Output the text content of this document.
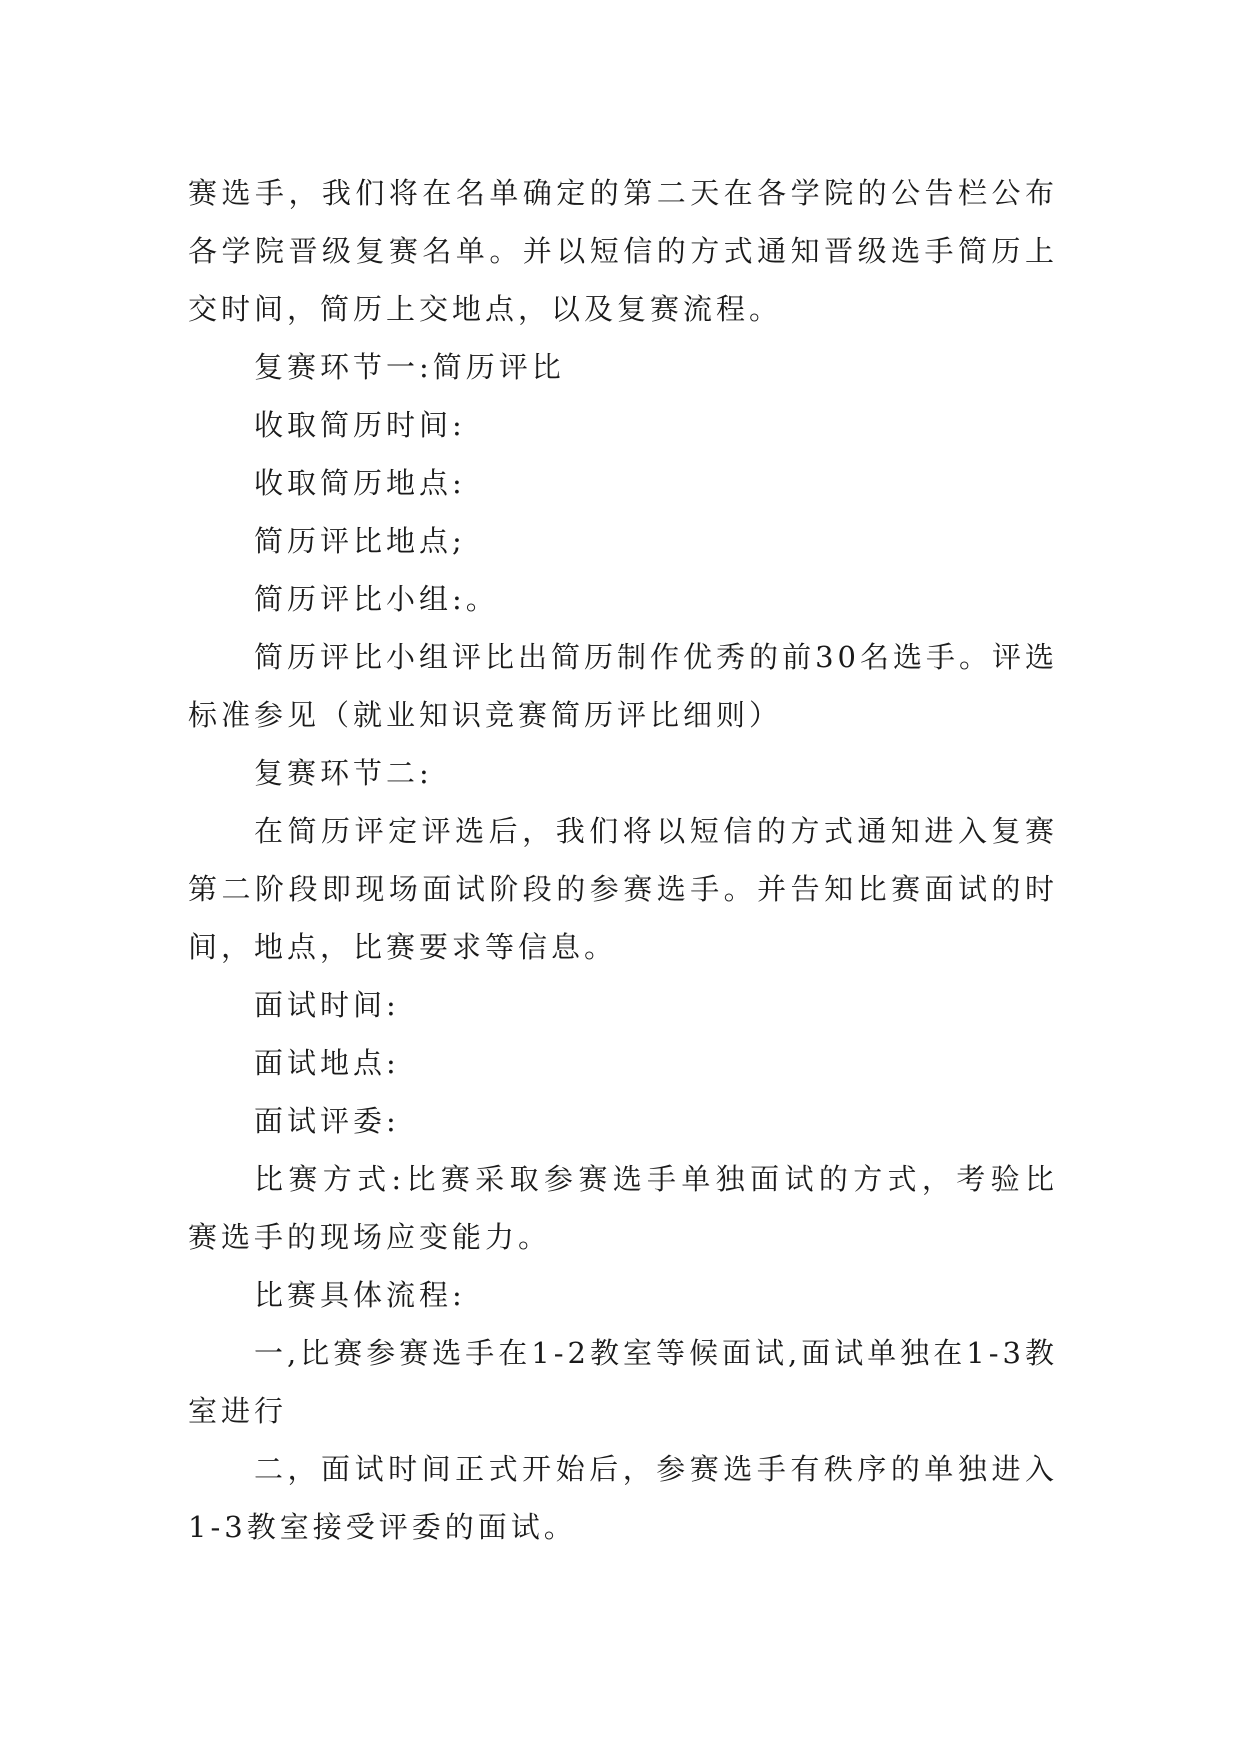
赛选手，我们将在名单确定的第二天在各学院的公告栏公布各学院晋级复赛名单。并以短信的方式通知晋级选手简历上交时间，简历上交地点，以及复赛流程。

复赛环节一:简历评比

收取简历时间:

收取简历地点:

简历评比地点;

简历评比小组:。

简历评比小组评比出简历制作优秀的前30名选手。评选标准参见（就业知识竞赛简历评比细则）

复赛环节二:

在简历评定评选后，我们将以短信的方式通知进入复赛第二阶段即现场面试阶段的参赛选手。并告知比赛面试的时间，地点，比赛要求等信息。

面试时间:

面试地点:

面试评委:

比赛方式:比赛采取参赛选手单独面试的方式，考验比赛选手的现场应变能力。

比赛具体流程:

一,比赛参赛选手在1-2教室等候面试,面试单独在1-3教室进行

二，面试时间正式开始后，参赛选手有秩序的单独进入1-3教室接受评委的面试。
